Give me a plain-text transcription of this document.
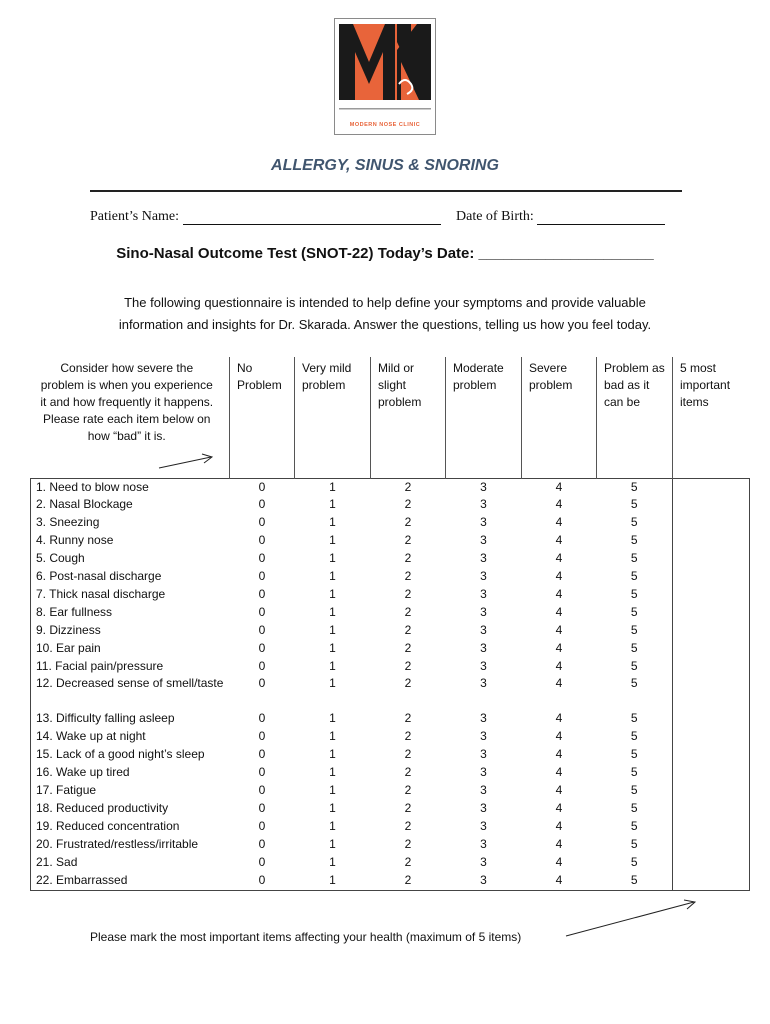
MODERN NOSE CLINIC
ALLERGY, SINUS & SNORING
Patient’s Name:	Date of Birth:
Sino-Nasal Outcome Test (SNOT-22) Today’s Date: _____________________
The following questionnaire is intended to help define your symptoms and provide valuable
information and insights for Dr. Skarada. Answer the questions, telling us how you feel today.
Consider how severe the problem is when you experience it and how frequently it happens. Please rate each item below on how “bad” it is.	No Problem	Very mild problem	Mild or slight problem	Moderate problem	Severe problem	Problem as bad as it can be	5 most important items
1. Need to blow nose	0	1	2	3	4	5	
2. Nasal Blockage	0	1	2	3	4	5	
3. Sneezing	0	1	2	3	4	5	
4. Runny nose	0	1	2	3	4	5	
5. Cough	0	1	2	3	4	5	
6. Post-nasal discharge	0	1	2	3	4	5	
7. Thick nasal discharge	0	1	2	3	4	5	
8. Ear fullness	0	1	2	3	4	5	
9. Dizziness	0	1	2	3	4	5	
10. Ear pain	0	1	2	3	4	5	
11. Facial pain/pressure	0	1	2	3	4	5	
12. Decreased sense of smell/taste	0	1	2	3	4	5	
13. Difficulty falling asleep	0	1	2	3	4	5	
14. Wake up at night	0	1	2	3	4	5	
15. Lack of a good night’s sleep	0	1	2	3	4	5	
16. Wake up tired	0	1	2	3	4	5	
17. Fatigue	0	1	2	3	4	5	
18. Reduced productivity	0	1	2	3	4	5	
19. Reduced concentration	0	1	2	3	4	5	
20. Frustrated/restless/irritable	0	1	2	3	4	5	
21. Sad	0	1	2	3	4	5	
22. Embarrassed	0	1	2	3	4	5	
Please mark the most important items affecting your health (maximum of 5 items)
